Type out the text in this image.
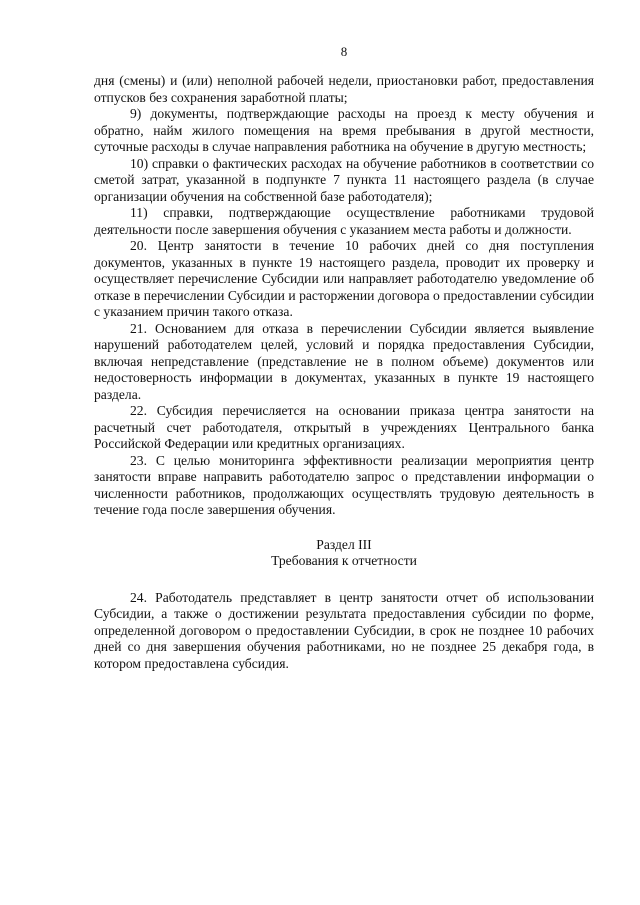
8

дня (смены) и (или) неполной рабочей недели, приостановки работ, предоставления отпусков без сохранения заработной платы;

9) документы, подтверждающие расходы на проезд к месту обучения и обратно, найм жилого помещения на время пребывания в другой местности, суточные расходы в случае направления работника на обучение в другую местность;

10) справки о фактических расходах на обучение работников в соответствии со сметой затрат, указанной в подпункте 7 пункта 11 настоящего раздела (в случае организации обучения на собственной базе работодателя);

11) справки, подтверждающие осуществление работниками трудовой деятельности после завершения обучения с указанием места работы и должности.

20. Центр занятости в течение 10 рабочих дней со дня поступления документов, указанных в пункте 19 настоящего раздела, проводит их проверку и осуществляет перечисление Субсидии или направляет работодателю уведомление об отказе в перечислении Субсидии и расторжении договора о предоставлении субсидии с указанием причин такого отказа.

21. Основанием для отказа в перечислении Субсидии является выявление нарушений работодателем целей, условий и порядка предоставления Субсидии, включая непредставление (представление не в полном объеме) документов или недостоверность информации в документах, указанных в пункте 19 настоящего раздела.

22. Субсидия перечисляется на основании приказа центра занятости на расчетный счет работодателя, открытый в учреждениях Центрального банка Российской Федерации или кредитных организациях.

23. С целью мониторинга эффективности реализации мероприятия центр занятости вправе направить работодателю запрос о представлении информации о численности работников, продолжающих осуществлять трудовую деятельность в течение года после завершения обучения.

Раздел III
Требования к отчетности

24. Работодатель представляет в центр занятости отчет об использовании Субсидии, а также о достижении результата предоставления субсидии по форме, определенной договором о предоставлении Субсидии, в срок не позднее 10 рабочих дней со дня завершения обучения работниками, но не позднее 25 декабря года, в котором предоставлена субсидия.
